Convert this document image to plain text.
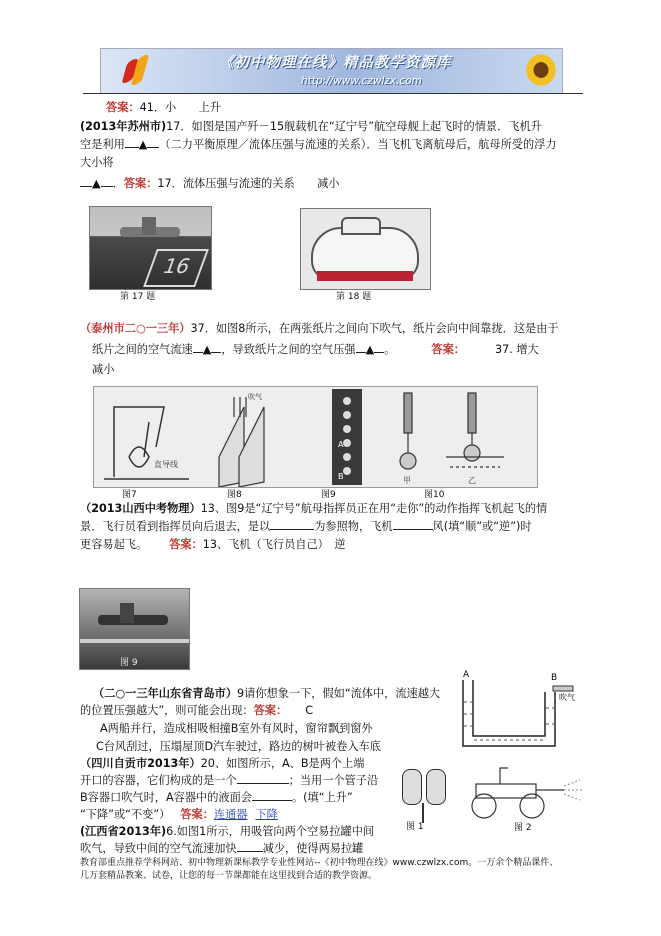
《初中物理在线》精品教学资源库
http://www.czwlzx.com
答案：41．小　　上升
(2013年苏州市)17．如图是国产歼－15舰载机在“辽宁号”航空母舰上起飞时的情景．飞机升
空是利用 ▲ （二力平衡原理／流体压强与流速的关系）．当飞机飞离航母后，航母所受的浮力
大小将
▲ ．答案：17．流体压强与流速的关系　　减小
16
第 17 题	第 18 题
（泰州市二○一三年）37．如图8所示，在两张纸片之间向下吹气，纸片会向中间靠拢．这是由于
纸片之间的空气流速 ▲ ，导致纸片之间的空气压强 ▲ 。	答案：	37. 增大
减小
直导线
吹气
A
B	甲	乙
图7	图8	图9	图10
（2013山西中考物理）13、图9是“辽宁号”航母指挥员正在用“走你”的动作指挥飞机起飞的情
景．飞行员看到指挥员向后退去，是以	为参照物，飞机	风(填“顺”或“逆”)时
更容易起飞。 答案：13、飞机（飞行员自己）　逆
图 9
（二○一三年山东省青岛市）9请你想象一下，假如“流体中，流速越大
的位置压强越大”，则可能会出现：答案： C
A两船并行，造成相吸相撞B室外有风时，窗帘飘到窗外
C台风刮过，压塌屋顶D汽车驶过，路边的树叶被卷入车底
（四川自贡市2013年）20、如图所示，A、B是两个上端
开口的容器，它们构成的是一个	；当用一个管子沿
B容器口吹气时，A容器中的液面会	。(填“上升”
“下降”或“不变”） 答案：连通器 下降
(江西省2013年)6.如图1所示，用吸管向两个空易拉罐中间
吹气，导致中间的空气流速加快 减少，使得两易拉罐
A	B
吹气
图 1	图 2
教育部重点推荐学科网站、初中物理新课标教学专业性网站--《初中物理在线》www.czwlzx.com。一万余个精品课件、
几万套精品教案、试卷，让您的每一节课都能在这里找到合适的教学资源。
